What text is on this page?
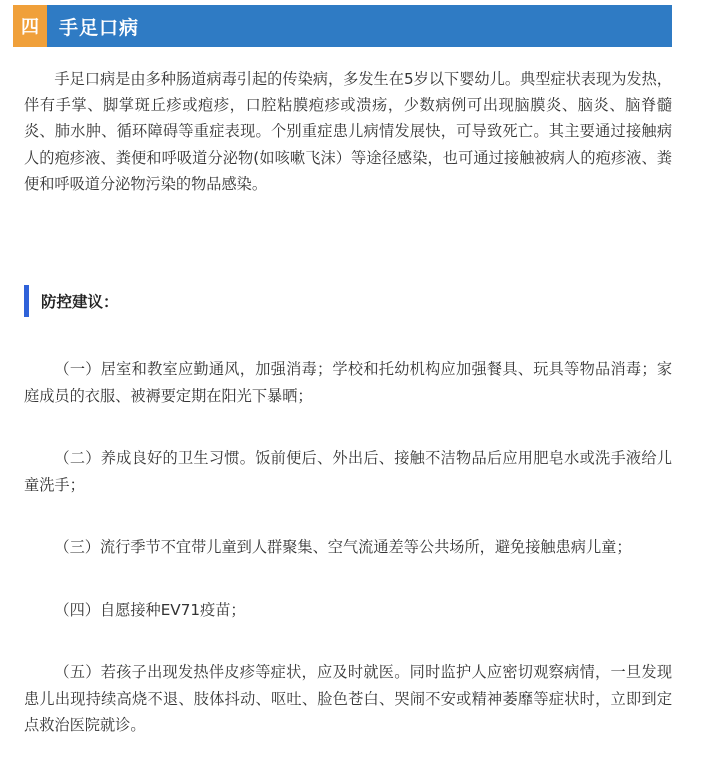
四	手足口病

手足口病是由多种肠道病毒引起的传染病，多发生在5岁以下婴幼儿。典型症状表现为发热，伴有手掌、脚掌斑丘疹或疱疹，口腔粘膜疱疹或溃疡，少数病例可出现脑膜炎、脑炎、脑脊髓炎、肺水肿、循环障碍等重症表现。个别重症患儿病情发展快，可导致死亡。其主要通过接触病人的疱疹液、粪便和呼吸道分泌物(如咳嗽飞沫）等途径感染，也可通过接触被病人的疱疹液、粪便和呼吸道分泌物污染的物品感染。

防控建议：
（一）居室和教室应勤通风，加强消毒；学校和托幼机构应加强餐具、玩具等物品消毒；家庭成员的衣服、被褥要定期在阳光下暴晒；
（二）养成良好的卫生习惯。饭前便后、外出后、接触不洁物品后应用肥皂水或洗手液给儿童洗手；
（三）流行季节不宜带儿童到人群聚集、空气流通差等公共场所，避免接触患病儿童；
（四）自愿接种EV71疫苗；
（五）若孩子出现发热伴皮疹等症状，应及时就医。同时监护人应密切观察病情，一旦发现患儿出现持续高烧不退、肢体抖动、呕吐、脸色苍白、哭闹不安或精神萎靡等症状时，立即到定点救治医院就诊。
